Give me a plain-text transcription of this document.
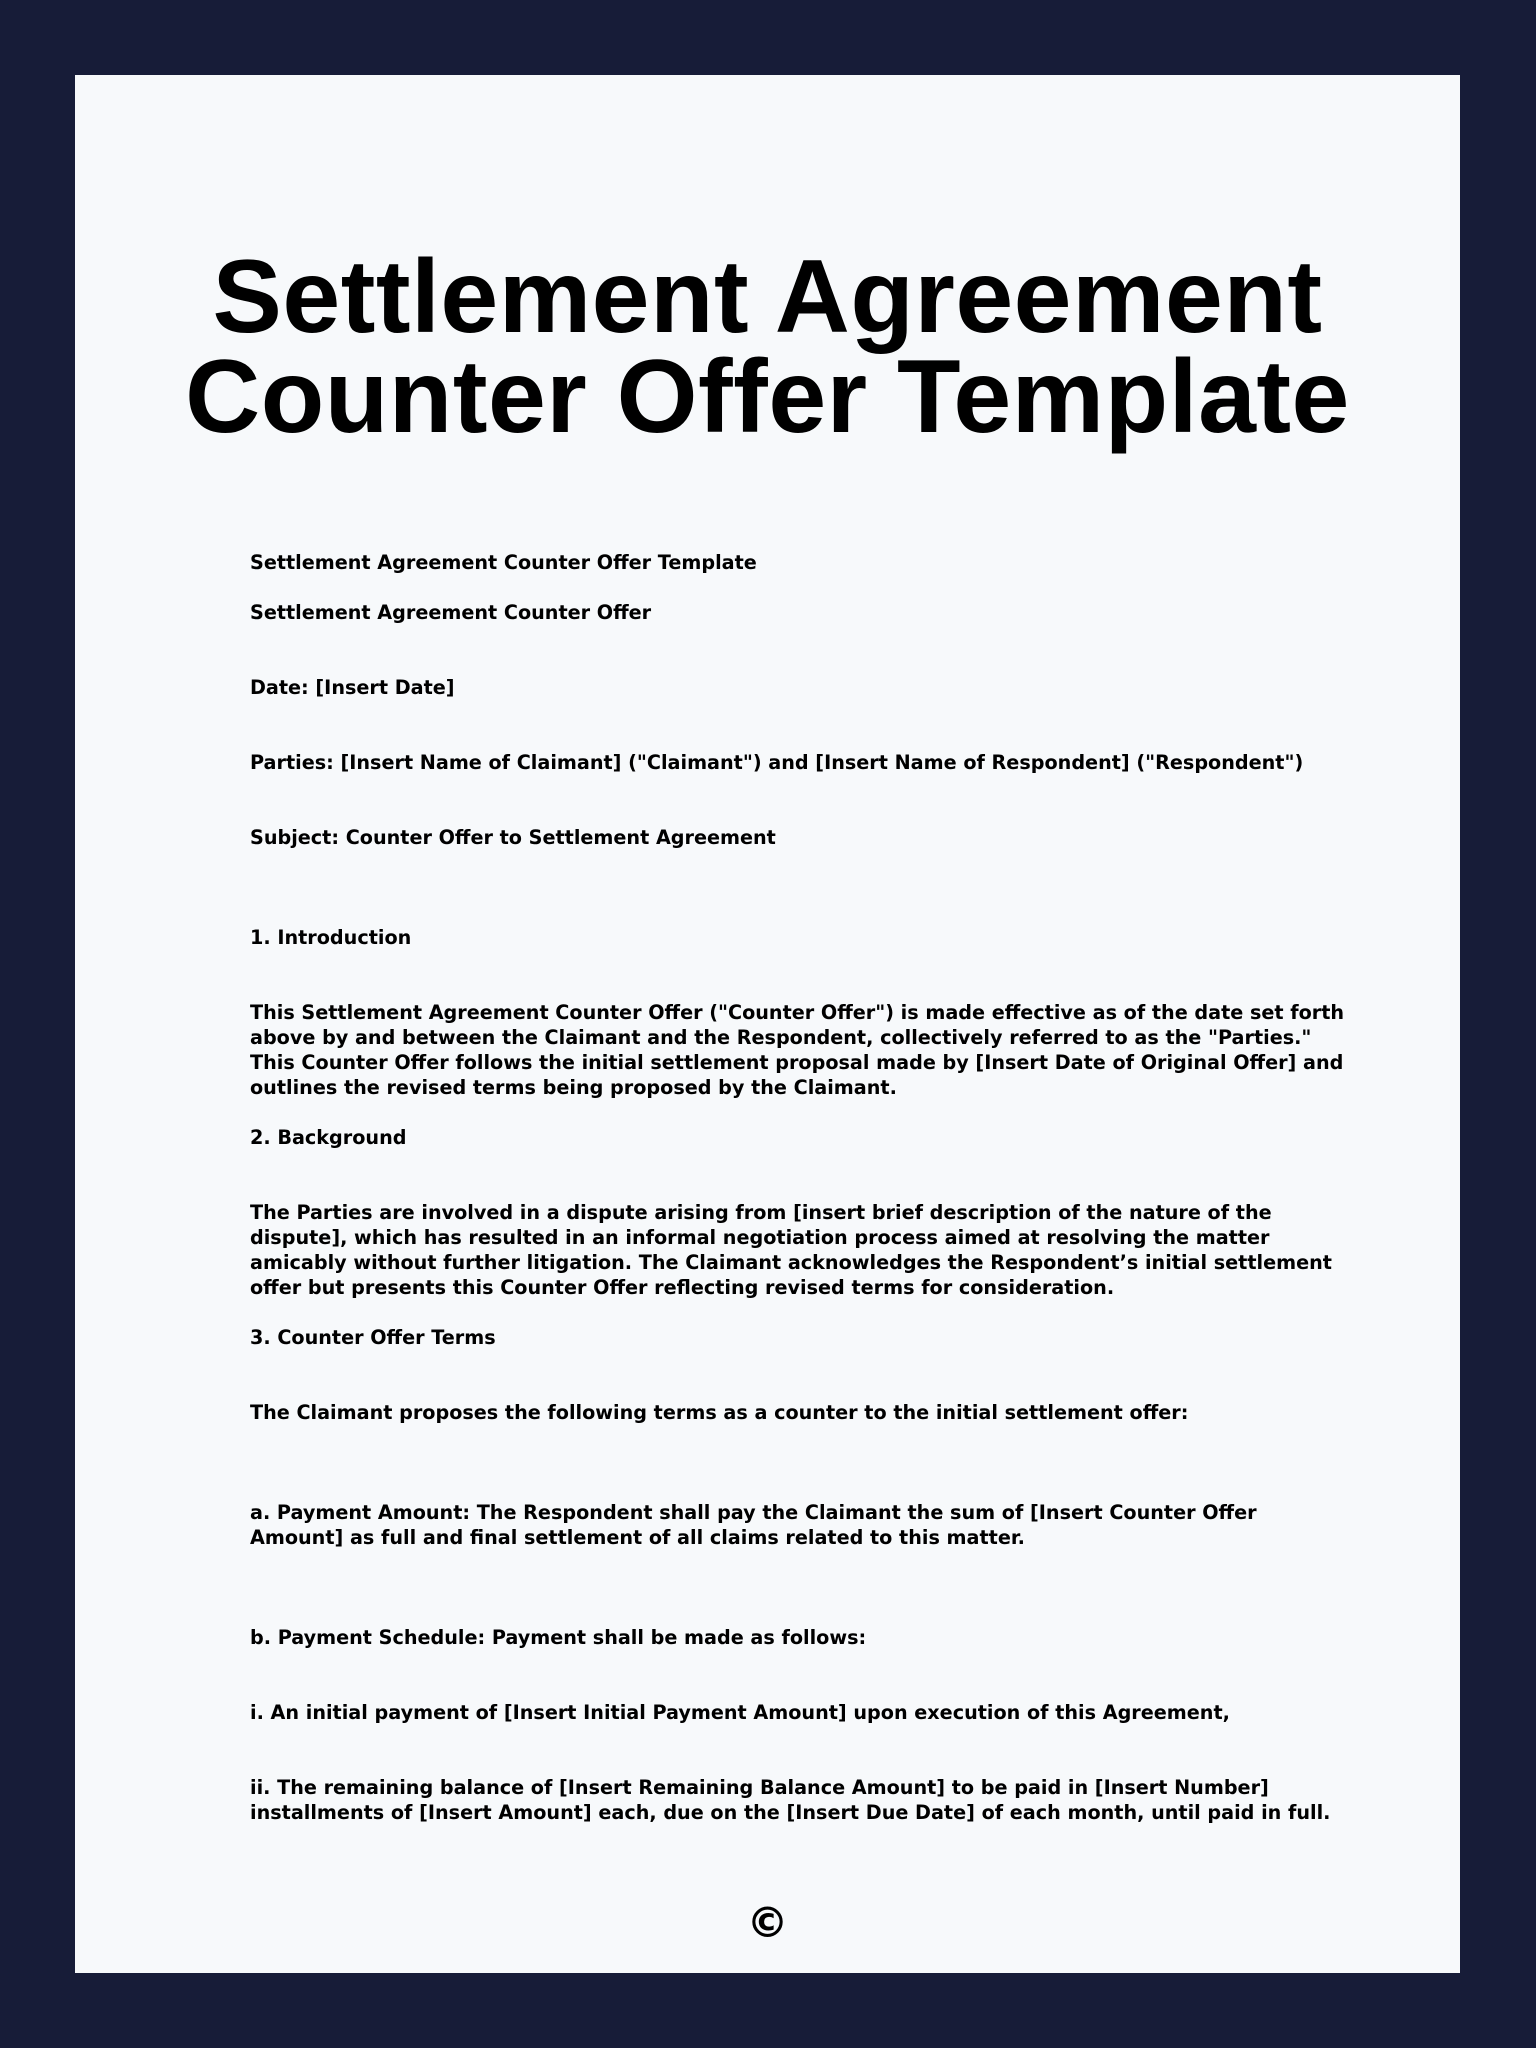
Settlement Agreement
Counter Offer Template

Settlement Agreement Counter Offer Template

Settlement Agreement Counter Offer

Date: [Insert Date]

Parties: [Insert Name of Claimant] ("Claimant") and [Insert Name of Respondent] ("Respondent")

Subject: Counter Offer to Settlement Agreement

1. Introduction

This Settlement Agreement Counter Offer ("Counter Offer") is made effective as of the date set forth above by and between the Claimant and the Respondent, collectively referred to as the "Parties." This Counter Offer follows the initial settlement proposal made by [Insert Date of Original Offer] and outlines the revised terms being proposed by the Claimant.

2. Background

The Parties are involved in a dispute arising from [insert brief description of the nature of the dispute], which has resulted in an informal negotiation process aimed at resolving the matter amicably without further litigation. The Claimant acknowledges the Respondent’s initial settlement offer but presents this Counter Offer reflecting revised terms for consideration.

3. Counter Offer Terms

The Claimant proposes the following terms as a counter to the initial settlement offer:

a. Payment Amount: The Respondent shall pay the Claimant the sum of [Insert Counter Offer Amount] as full and final settlement of all claims related to this matter.

b. Payment Schedule: Payment shall be made as follows:

i. An initial payment of [Insert Initial Payment Amount] upon execution of this Agreement,

ii. The remaining balance of [Insert Remaining Balance Amount] to be paid in [Insert Number] installments of [Insert Amount] each, due on the [Insert Due Date] of each month, until paid in full.

©
